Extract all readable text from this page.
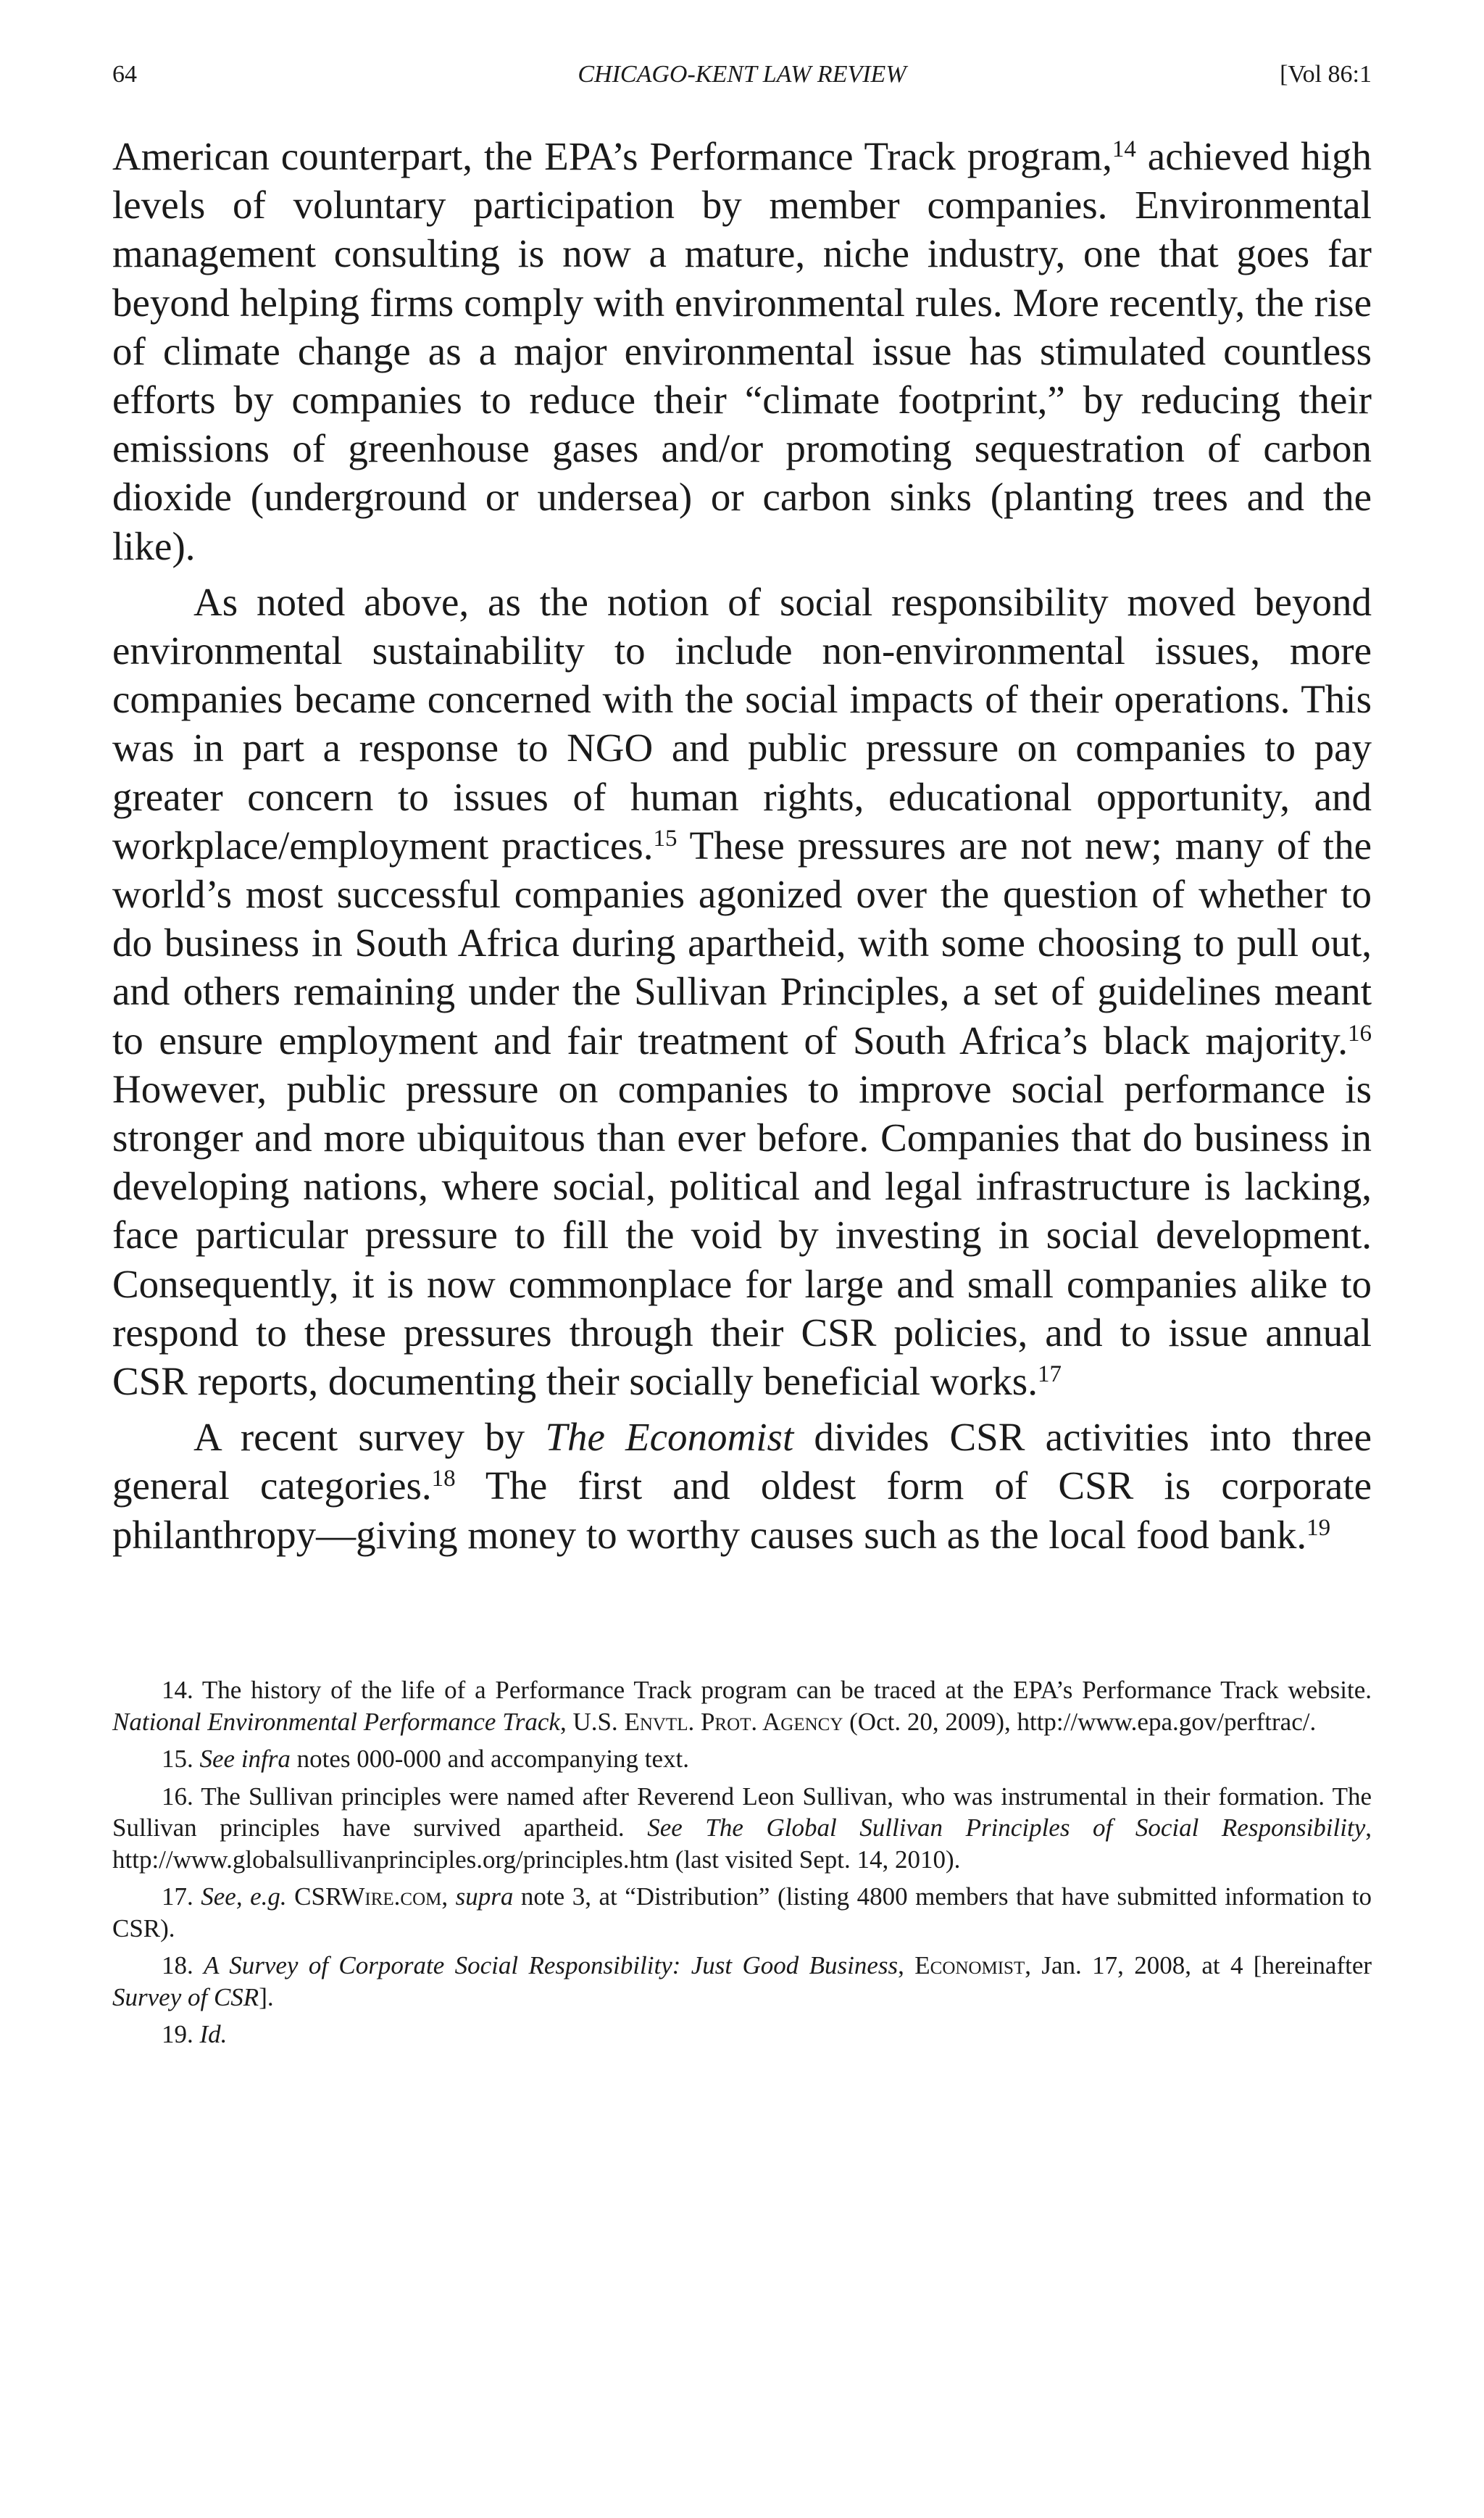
64	CHICAGO-KENT LAW REVIEW	[Vol 86:1

American counterpart, the EPA’s Performance Track program,$^{14}$ achieved high levels of voluntary participation by member companies. Environmental management consulting is now a mature, niche industry, one that goes far beyond helping firms comply with environmental rules. More recently, the rise of climate change as a major environmental issue has stimulated countless efforts by companies to reduce their “climate footprint,” by reducing their emissions of greenhouse gases and/or promoting sequestration of carbon dioxide (underground or undersea) or carbon sinks (planting trees and the like).

As noted above, as the notion of social responsibility moved beyond environmental sustainability to include non-environmental issues, more companies became concerned with the social impacts of their operations. This was in part a response to NGO and public pressure on companies to pay greater concern to issues of human rights, educational opportunity, and workplace/employment practices.$^{15}$ These pressures are not new; many of the world’s most successful companies agonized over the question of whether to do business in South Africa during apartheid, with some choosing to pull out, and others remaining under the Sullivan Principles, a set of guidelines meant to ensure employment and fair treatment of South Africa’s black majority.$^{16}$ However, public pressure on companies to improve social performance is stronger and more ubiquitous than ever before. Companies that do business in developing nations, where social, political and legal infrastructure is lacking, face particular pressure to fill the void by investing in social development. Consequently, it is now commonplace for large and small companies alike to respond to these pressures through their CSR policies, and to issue annual CSR reports, documenting their socially beneficial works.$^{17}$

A recent survey by The Economist divides CSR activities into three general categories.$^{18}$ The first and oldest form of CSR is corporate philanthropy—giving money to worthy causes such as the local food bank.$^{19}$

14. The history of the life of a Performance Track program can be traced at the EPA’s Performance Track website. National Environmental Performance Track, U.S. Envtl. Prot. Agency (Oct. 20, 2009), http://www.epa.gov/perftrac/.

15. See infra notes 000-000 and accompanying text.

16. The Sullivan principles were named after Reverend Leon Sullivan, who was instrumental in their formation. The Sullivan principles have survived apartheid. See The Global Sullivan Principles of Social Responsibility, http://www.globalsullivanprinciples.org/principles.htm (last visited Sept. 14, 2010).

17. See, e.g. CSRWire.com, supra note 3, at “Distribution” (listing 4800 members that have submitted information to CSR).

18. A Survey of Corporate Social Responsibility: Just Good Business, Economist, Jan. 17, 2008, at 4 [hereinafter Survey of CSR].

19. Id.
